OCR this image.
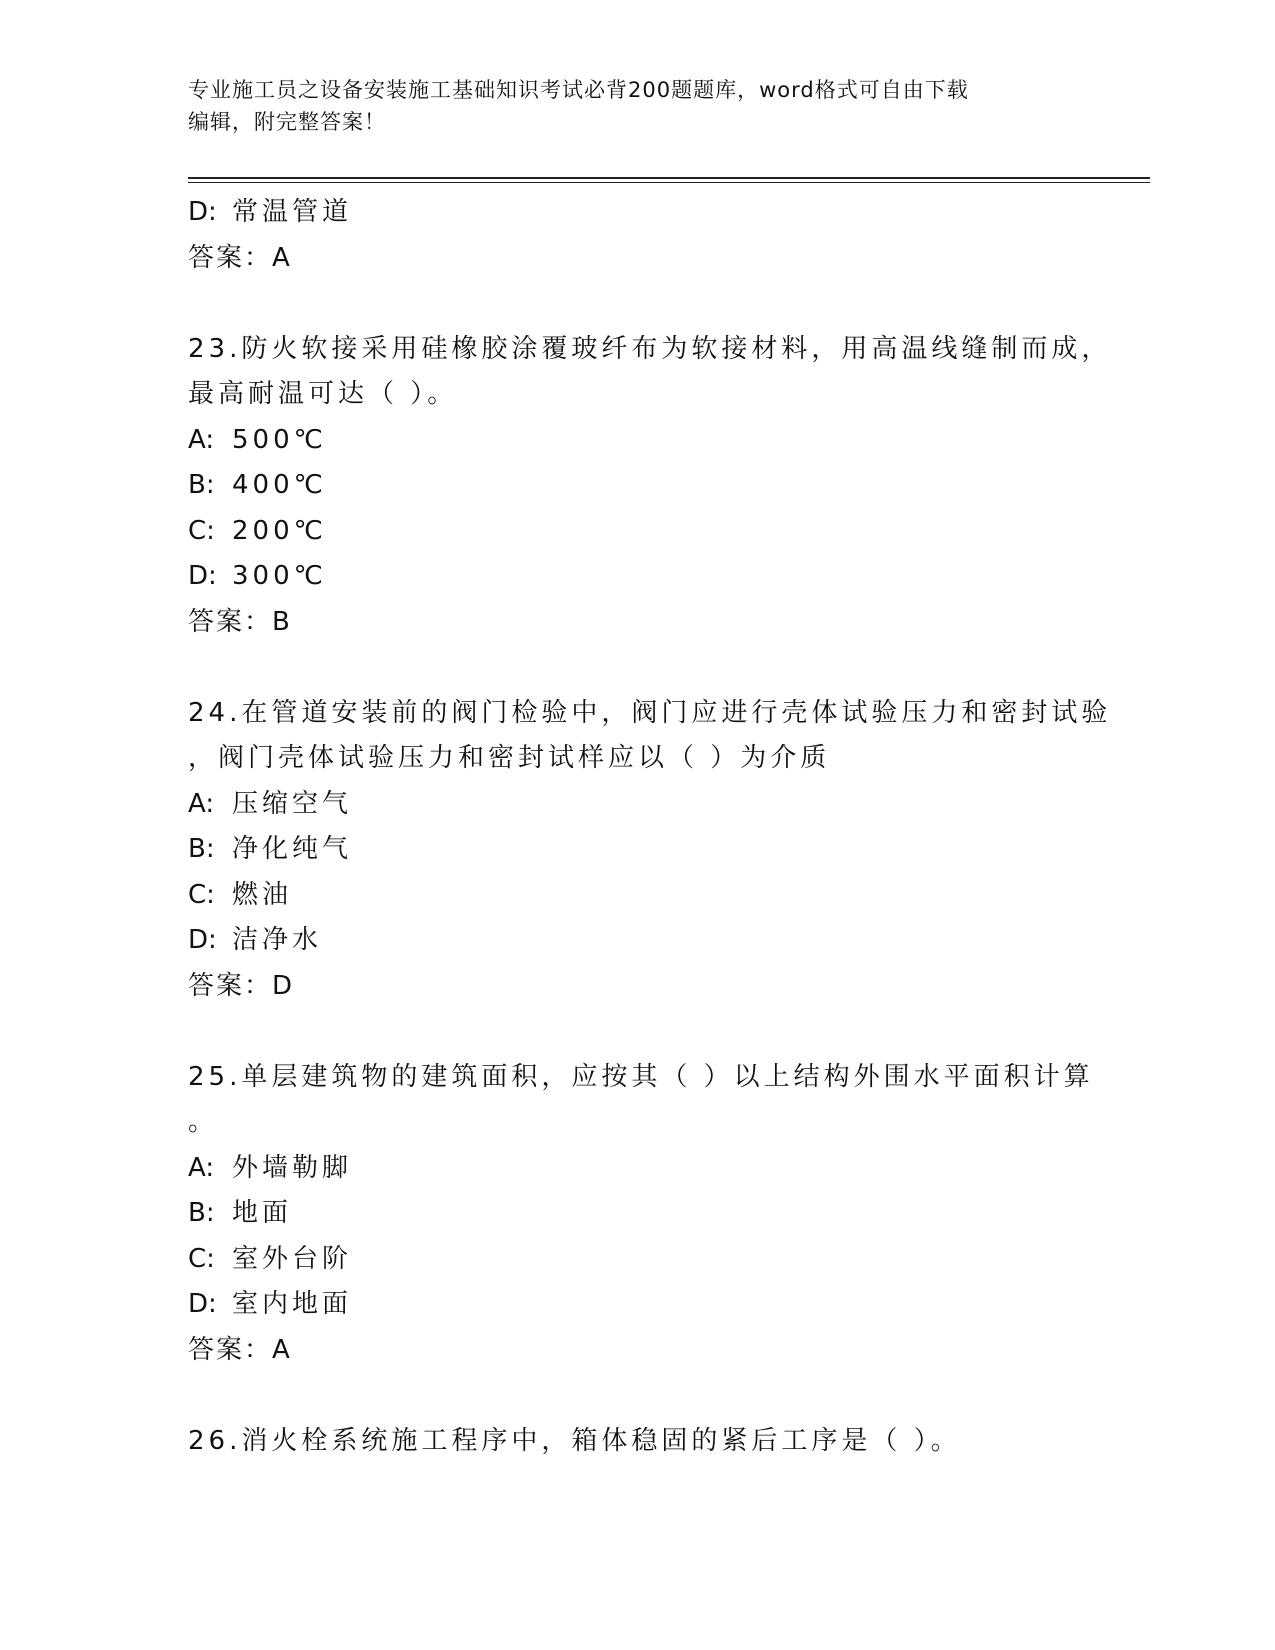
专业施工员之设备安装施工基础知识考试必背200题题库，word格式可自由下载
编辑，附完整答案！
D: 常温管道
答案：A
23.防火软接采用硅橡胶涂覆玻纤布为软接材料，用高温线缝制而成，
最高耐温可达（ ）。
A: 500℃
B: 400℃
C: 200℃
D: 300℃
答案：B
24.在管道安装前的阀门检验中，阀门应进行壳体试验压力和密封试验
，阀门壳体试验压力和密封试样应以（ ）为介质
A: 压缩空气
B: 净化纯气
C: 燃油
D: 洁净水
答案：D
25.单层建筑物的建筑面积，应按其（ ）以上结构外围水平面积计算
。
A: 外墙勒脚
B: 地面
C: 室外台阶
D: 室内地面
答案：A
26.消火栓系统施工程序中，箱体稳固的紧后工序是（ ）。
